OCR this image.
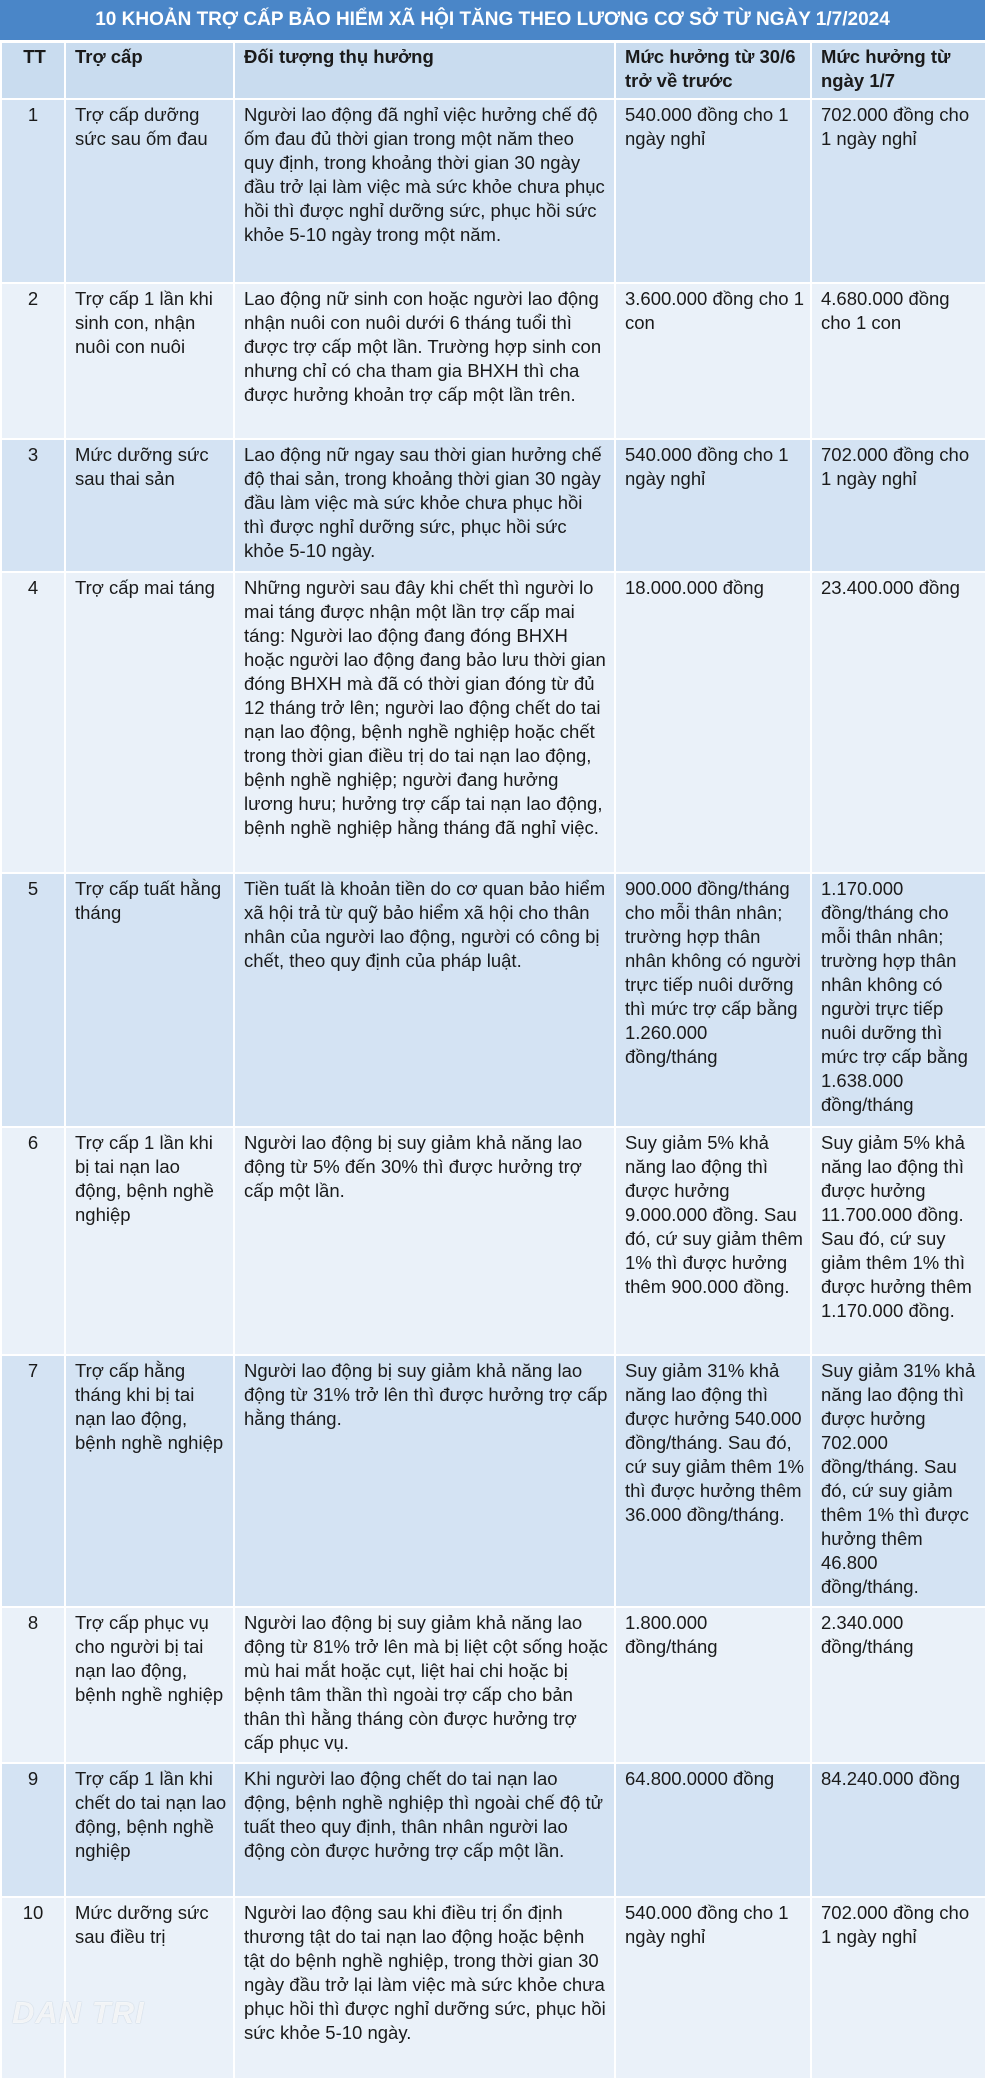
10 KHOẢN TRỢ CẤP BẢO HIỂM XÃ HỘI TĂNG THEO LƯƠNG CƠ SỞ TỪ NGÀY 1/7/2024
TT	Trợ cấp	Đối tượng thụ hưởng	Mức hưởng từ 30/6 trở về trước	Mức hưởng từ ngày 1/7
1	Trợ cấp dưỡng sức sau ốm đau	Người lao động đã nghỉ việc hưởng chế độ ốm đau đủ thời gian trong một năm theo quy định, trong khoảng thời gian 30 ngày đầu trở lại làm việc mà sức khỏe chưa phục hồi thì được nghỉ dưỡng sức, phục hồi sức khỏe 5-10 ngày trong một năm.	540.000 đồng cho 1 ngày nghỉ	702.000 đồng cho 1 ngày nghỉ
2	Trợ cấp 1 lần khi sinh con, nhận nuôi con nuôi	Lao động nữ sinh con hoặc người lao động nhận nuôi con nuôi dưới 6 tháng tuổi thì được trợ cấp một lần. Trường hợp sinh con nhưng chỉ có cha tham gia BHXH thì cha được hưởng khoản trợ cấp một lần trên.	3.600.000 đồng cho 1 con	4.680.000 đồng cho 1 con
3	Mức dưỡng sức sau thai sản	Lao động nữ ngay sau thời gian hưởng chế độ thai sản, trong khoảng thời gian 30 ngày đầu làm việc mà sức khỏe chưa phục hồi thì được nghỉ dưỡng sức, phục hồi sức khỏe 5-10 ngày.	540.000 đồng cho 1 ngày nghỉ	702.000 đồng cho 1 ngày nghỉ
4	Trợ cấp mai táng	Những người sau đây khi chết thì người lo mai táng được nhận một lần trợ cấp mai táng: Người lao động đang đóng BHXH hoặc người lao động đang bảo lưu thời gian đóng BHXH mà đã có thời gian đóng từ đủ 12 tháng trở lên; người lao động chết do tai nạn lao động, bệnh nghề nghiệp hoặc chết trong thời gian điều trị do tai nạn lao động, bệnh nghề nghiệp; người đang hưởng lương hưu; hưởng trợ cấp tai nạn lao động, bệnh nghề nghiệp hằng tháng đã nghỉ việc.	18.000.000 đồng	23.400.000 đồng
5	Trợ cấp tuất hằng tháng	Tiền tuất là khoản tiền do cơ quan bảo hiểm xã hội trả từ quỹ bảo hiểm xã hội cho thân nhân của người lao động, người có công bị chết, theo quy định của pháp luật.	900.000 đồng/tháng cho mỗi thân nhân; trường hợp thân nhân không có người trực tiếp nuôi dưỡng thì mức trợ cấp bằng 1.260.000 đồng/tháng	1.170.000 đồng/tháng cho mỗi thân nhân; trường hợp thân nhân không có người trực tiếp nuôi dưỡng thì mức trợ cấp bằng 1.638.000 đồng/tháng
6	Trợ cấp 1 lần khi bị tai nạn lao động, bệnh nghề nghiệp	Người lao động bị suy giảm khả năng lao động từ 5% đến 30% thì được hưởng trợ cấp một lần.	Suy giảm 5% khả năng lao động thì được hưởng 9.000.000 đồng. Sau đó, cứ suy giảm thêm 1% thì được hưởng thêm 900.000 đồng.	Suy giảm 5% khả năng lao động thì được hưởng 11.700.000 đồng. Sau đó, cứ suy giảm thêm 1% thì được hưởng thêm 1.170.000 đồng.
7	Trợ cấp hằng tháng khi bị tai nạn lao động, bệnh nghề nghiệp	Người lao động bị suy giảm khả năng lao động từ 31% trở lên thì được hưởng trợ cấp hằng tháng.	Suy giảm 31% khả năng lao động thì được hưởng 540.000 đồng/tháng. Sau đó, cứ suy giảm thêm 1% thì được hưởng thêm 36.000 đồng/tháng.	Suy giảm 31% khả năng lao động thì được hưởng 702.000 đồng/tháng. Sau đó, cứ suy giảm thêm 1% thì được hưởng thêm 46.800 đồng/tháng.
8	Trợ cấp phục vụ cho người bị tai nạn lao động, bệnh nghề nghiệp	Người lao động bị suy giảm khả năng lao động từ 81% trở lên mà bị liệt cột sống hoặc mù hai mắt hoặc cụt, liệt hai chi hoặc bị bệnh tâm thần thì ngoài trợ cấp cho bản thân thì hằng tháng còn được hưởng trợ cấp phục vụ.	1.800.000 đồng/tháng	2.340.000 đồng/tháng
9	Trợ cấp 1 lần khi chết do tai nạn lao động, bệnh nghề nghiệp	Khi người lao động chết do tai nạn lao động, bệnh nghề nghiệp thì ngoài chế độ tử tuất theo quy định, thân nhân người lao động còn được hưởng trợ cấp một lần.	64.800.0000 đồng	84.240.000 đồng
10	Mức dưỡng sức sau điều trị	Người lao động sau khi điều trị ổn định thương tật do tai nạn lao động hoặc bệnh tật do bệnh nghề nghiệp, trong thời gian 30 ngày đầu trở lại làm việc mà sức khỏe chưa phục hồi thì được nghỉ dưỡng sức, phục hồi sức khỏe 5-10 ngày.	540.000 đồng cho 1 ngày nghỉ	702.000 đồng cho 1 ngày nghỉ
DAN TRI
